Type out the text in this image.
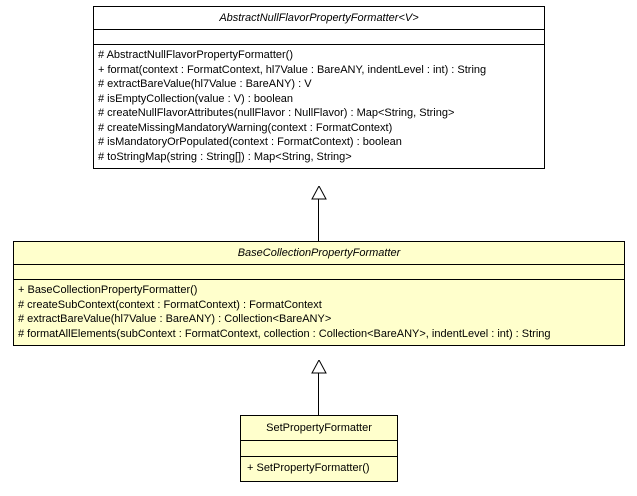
AbstractNullFlavorPropertyFormatter<V>
# AbstractNullFlavorPropertyFormatter()
+ format(context : FormatContext, hl7Value : BareANY, indentLevel : int) : String
# extractBareValue(hl7Value : BareANY) : V
# isEmptyCollection(value : V) : boolean
# createNullFlavorAttributes(nullFlavor : NullFlavor) : Map<String, String>
# createMissingMandatoryWarning(context : FormatContext)
# isMandatoryOrPopulated(context : FormatContext) : boolean
# toStringMap(string : String[]) : Map<String, String>
BaseCollectionPropertyFormatter
+ BaseCollectionPropertyFormatter()
# createSubContext(context : FormatContext) : FormatContext
# extractBareValue(hl7Value : BareANY) : Collection<BareANY>
# formatAllElements(subContext : FormatContext, collection : Collection<BareANY>, indentLevel : int) : String
SetPropertyFormatter
+ SetPropertyFormatter()
